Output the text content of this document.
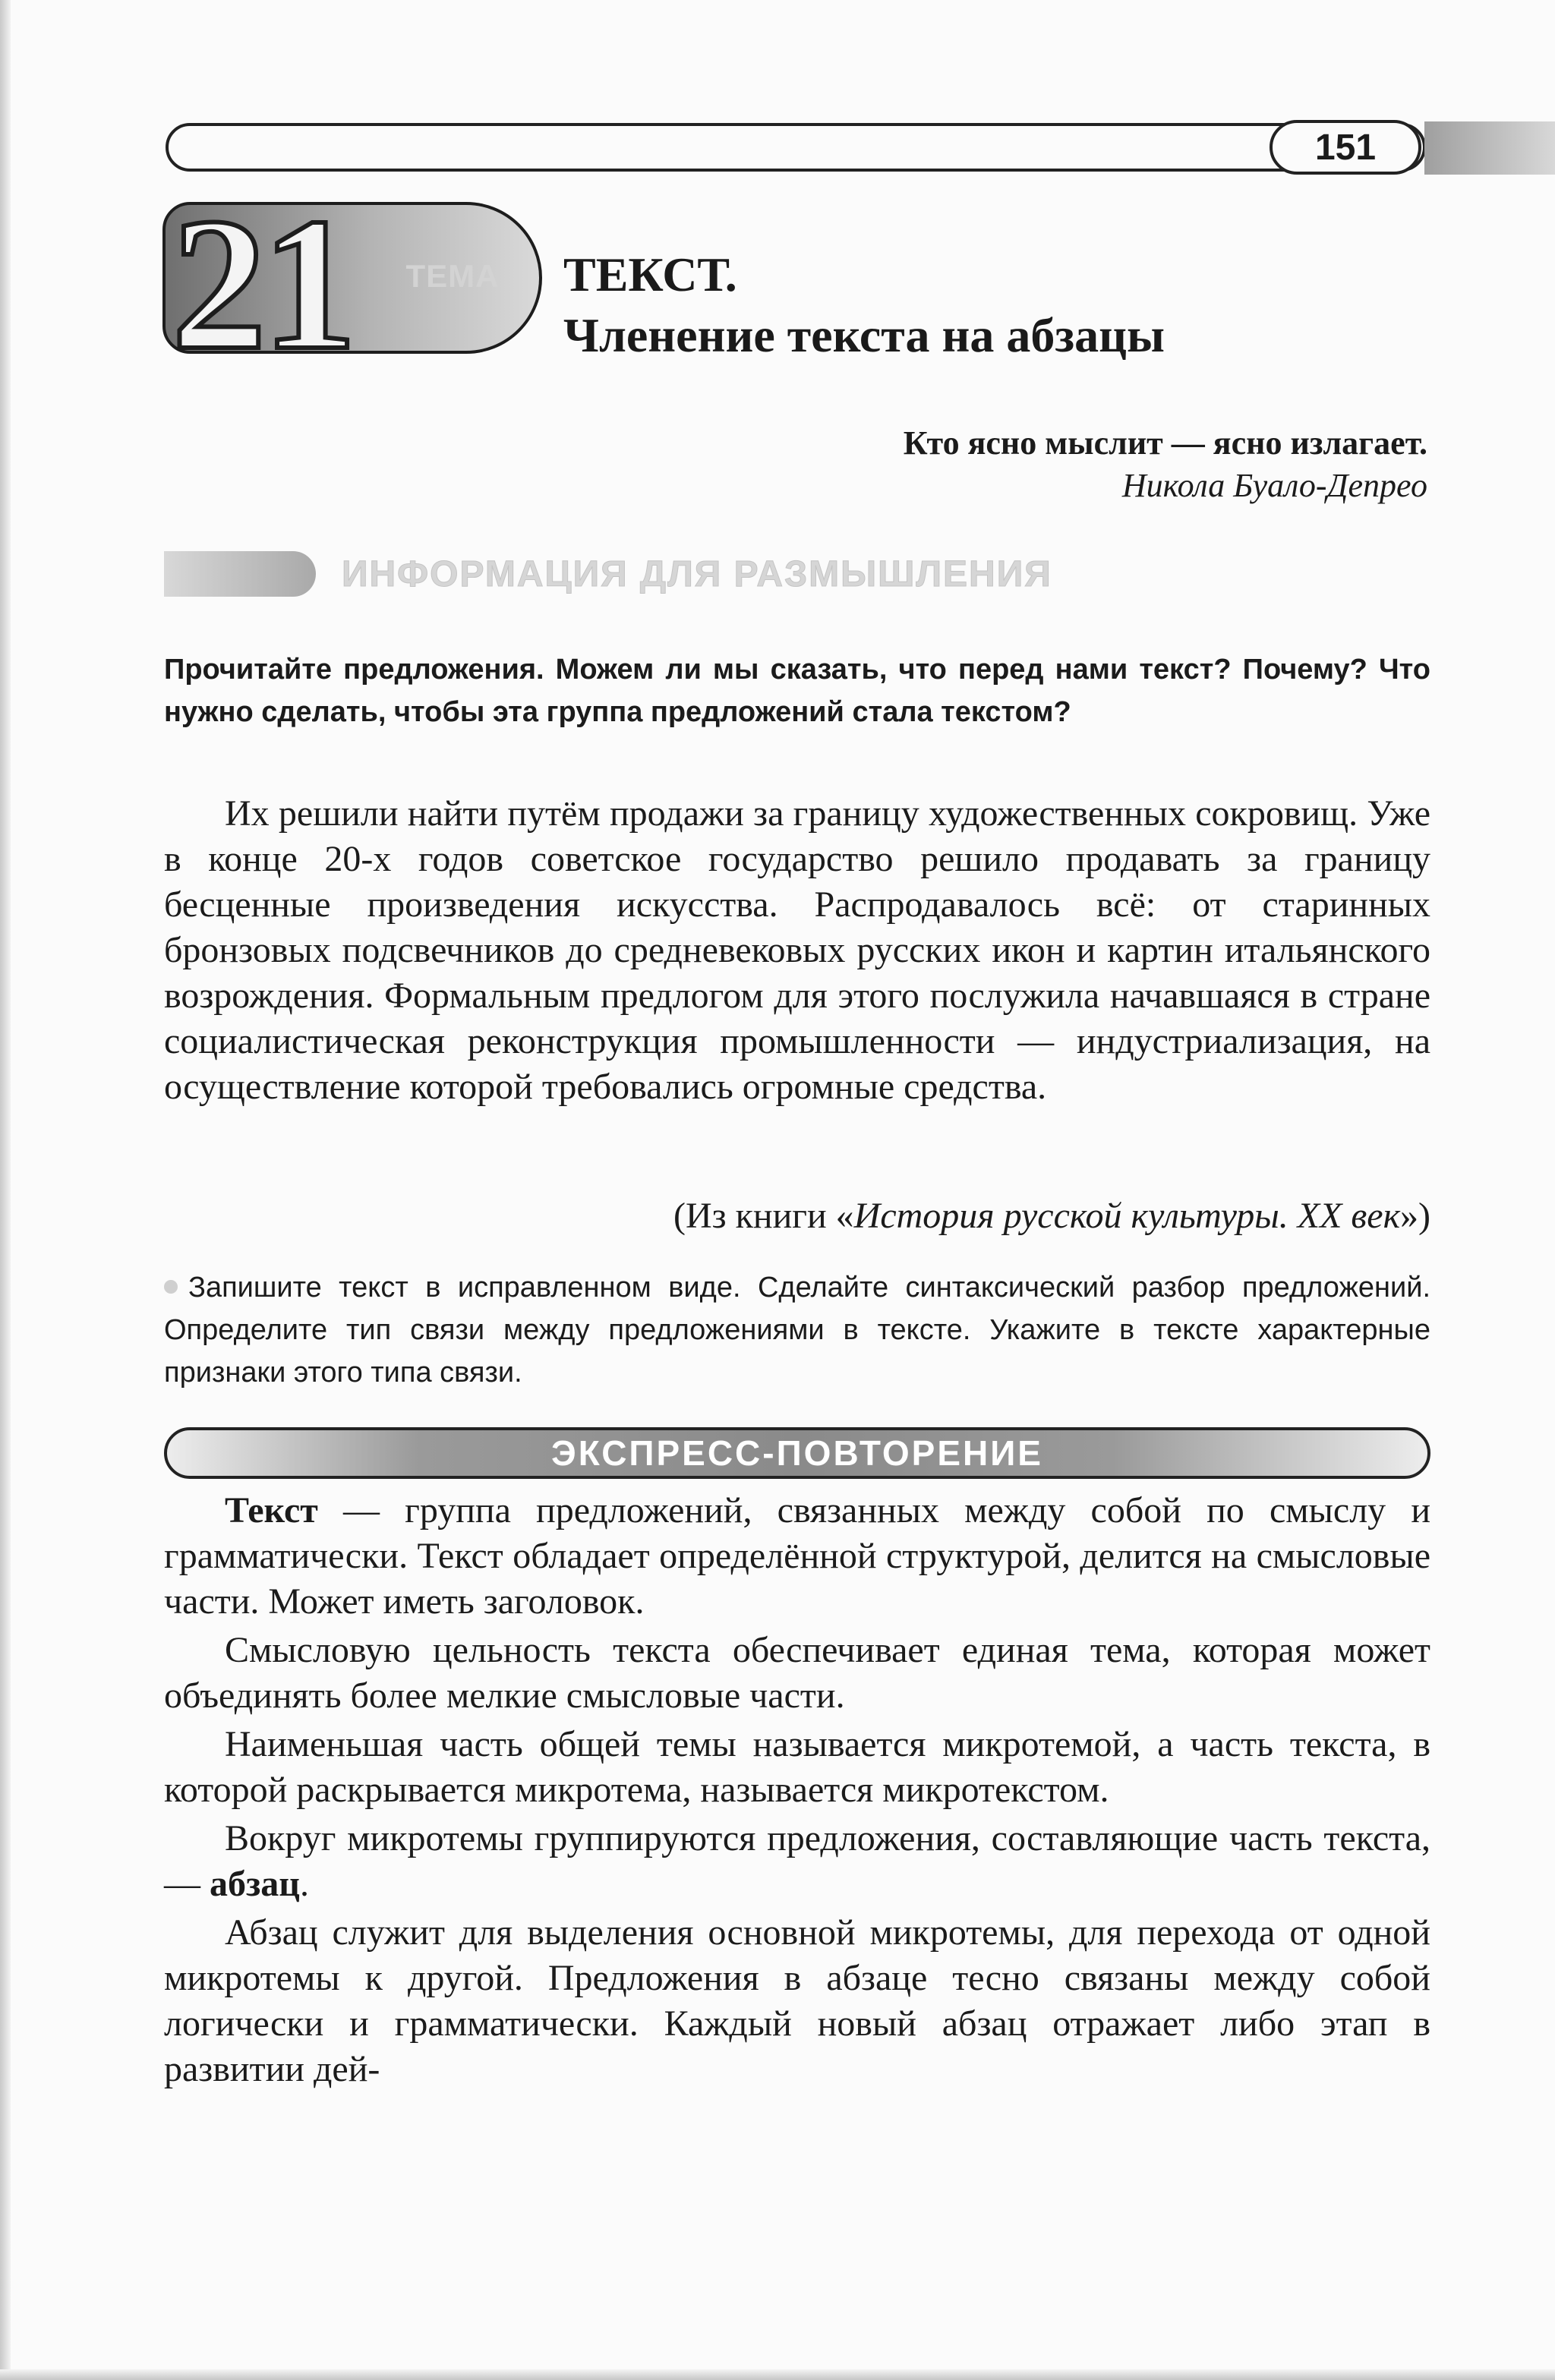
151
21	ТЕМА	ТЕКСТ.
Членение текста на абзацы
Кто ясно мыслит — ясно излагает.
Никола Буало-Депрео
ИНФОРМАЦИЯ ДЛЯ РАЗМЫШЛЕНИЯ
Прочитайте предложения. Можем ли мы сказать, что перед нами текст? Почему? Что нужно сделать, чтобы эта группа предложений стала текстом?

Их решили найти путём продажи за границу художественных сокровищ. Уже в конце 20-х годов советское государство решило продавать за границу бесценные произведения искусства. Распродавалось всё: от старинных бронзовых подсвечников до средневековых русских икон и картин итальянского возрождения. Формальным предлогом для этого послужила начавшаяся в стране социалистическая реконструкция промышленности — индустриализация, на осуществление которой требовались огромные средства.

(Из книги «История русской культуры. XX век»)
Запишите текст в исправленном виде. Сделайте синтаксический разбор предложений. Определите тип связи между предложениями в тексте. Укажите в тексте характерные признаки этого типа связи.
ЭКСПРЕСС-ПОВТОРЕНИЕ

Текст — группа предложений, связанных между собой по смыслу и грамматически. Текст обладает определённой структурой, делится на смысловые части. Может иметь заголовок.

Смысловую цельность текста обеспечивает единая тема, которая может объединять более мелкие смысловые части.

Наименьшая часть общей темы называется микротемой, а часть текста, в которой раскрывается микротема, называется микротекстом.

Вокруг микротемы группируются предложения, составляющие часть текста, — абзац.

Абзац служит для выделения основной микротемы, для перехода от одной микротемы к другой. Предложения в абзаце тесно связаны между собой логически и грамматически. Каждый новый абзац отражает либо этап в развитии дей-
